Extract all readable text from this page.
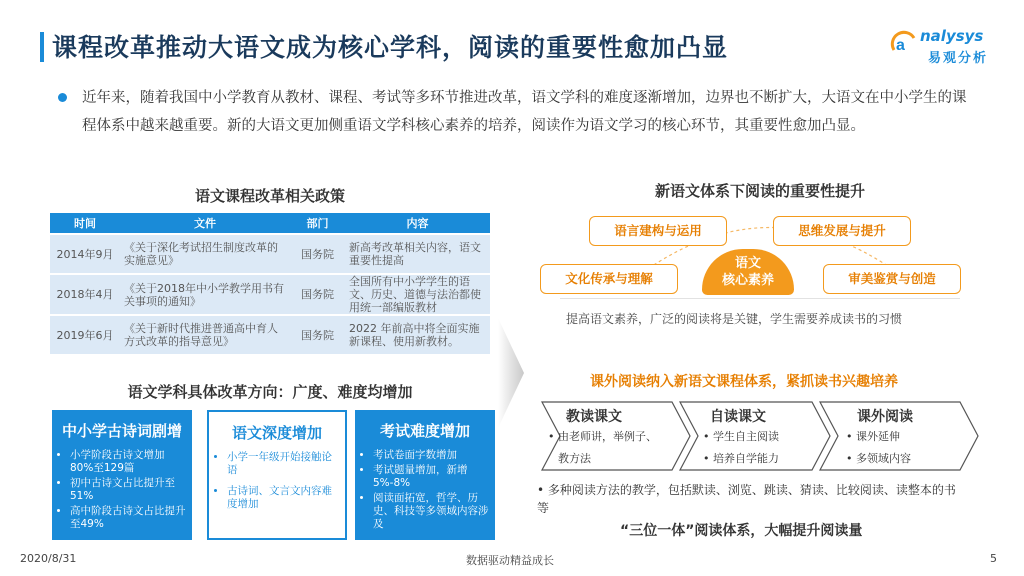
课程改革推动大语文成为核心学科，阅读的重要性愈加凸显	a
nalysys
易观分析
近年来，随着我国中小学教育从教材、课程、考试等多环节推进改革，语文学科的难度逐渐增加，边界也不断扩大，大语文在中小学生的课程体系中越来越重要。新的大语文更加侧重语文学科核心素养的培养，阅读作为语文学习的核心环节，其重要性愈加凸显。
语文课程改革相关政策
时间	文件	部门	内容
2014年9月	《关于深化考试招生制度改革的实施意见》	国务院	新高考改革相关内容，语文重要性提高
2018年4月	《关于2018年中小学教学用书有关事项的通知》	国务院	全国所有中小学学生的语文、历史、道德与法治都使用统一部编版教材
2019年6月	《关于新时代推进普通高中育人方式改革的指导意见》	国务院	2022 年前高中将全面实施新课程、使用新教材。
语文学科具体改革方向：广度、难度均增加
中小学古诗词剧增
• 小学阶段古诗文增加80%至129篇
• 初中古诗文占比提升至51%
• 高中阶段古诗文占比提升至49%
语文深度增加
• 小学一年级开始接触论语
• 古诗词、文言文内容难度增加
考试难度增加
• 考试卷面字数增加
• 考试题量增加，新增5%-8%
• 阅读面拓宽，哲学、历史、科技等多领域内容涉及
新语文体系下阅读的重要性提升
语言建构与运用	思维发展与提升
文化传承与理解	审美鉴赏与创造
语文
核心素养
提高语文素养，广泛的阅读将是关键，学生需要养成读书的习惯
课外阅读纳入新语文课程体系，紧抓读书兴趣培养
教读课文
• 由老师讲，举例子、
教方法
自读课文
• 学生自主阅读
• 培养自学能力
课外阅读
• 课外延伸
• 多领域内容
• 多种阅读方法的教学，包括默读、浏览、跳读、猜读、比较阅读、读整本的书等
“三位一体”阅读体系，大幅提升阅读量
2020/8/31	数据驱动精益成长	5
